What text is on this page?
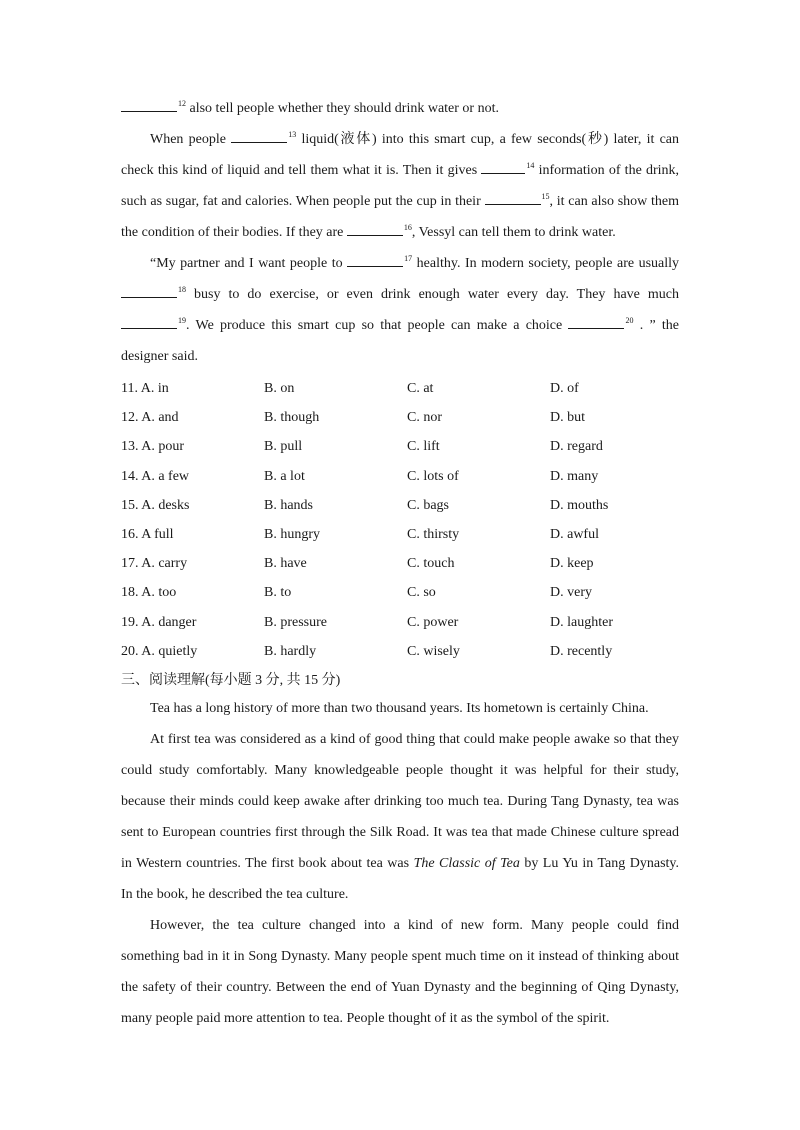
$^{12}$ also tell people whether they should drink water or not.
When people	$^{13}$ liquid(液体) into this smart cup, a few seconds(秒) later, it can
check this kind of liquid and tell them what it is. Then it gives	$^{14}$ information of the drink,
such as sugar, fat and calories. When people put the cup in their	$^{15}$, it can also show them
the condition of their bodies. If they are	$^{16}$, Vessyl can tell them to drink water.
“My partner and I want people to	$^{17}$ healthy. In modern society, people are usually
$^{18}$ busy to do exercise, or even drink enough water every day. They have much
$^{19}$. We produce this smart cup so that people can make a choice	$^{20}$ . ” the
designer said.
11. A. in	B. on	C. at	D. of
12. A. and	B. though	C. nor	D. but
13. A. pour	B. pull	C. lift	D. regard
14. A. a few	B. a lot	C. lots of	D. many
15. A. desks	B. hands	C. bags	D. mouths
16. A full	B. hungry	C. thirsty	D. awful
17. A. carry	B. have	C. touch	D. keep
18. A. too	B. to	C. so	D. very
19. A. danger	B. pressure	C. power	D. laughter
20. A. quietly	B. hardly	C. wisely	D. recently
三、阅读理解(每小题 3 分, 共 15 分)
Tea has a long history of more than two thousand years. Its hometown is certainly China.
At first tea was considered as a kind of good thing that could make people awake so that they
could study comfortably. Many knowledgeable people thought it was helpful for their study,
because their minds could keep awake after drinking too much tea. During Tang Dynasty, tea was
sent to European countries first through the Silk Road. It was tea that made Chinese culture spread
in Western countries. The first book about tea was The Classic of Tea by Lu Yu in Tang Dynasty.
In the book, he described the tea culture.
However, the tea culture changed into a kind of new form. Many people could find
something bad in it in Song Dynasty. Many people spent much time on it instead of thinking about
the safety of their country. Between the end of Yuan Dynasty and the beginning of Qing Dynasty,
many people paid more attention to tea. People thought of it as the symbol of the spirit.
